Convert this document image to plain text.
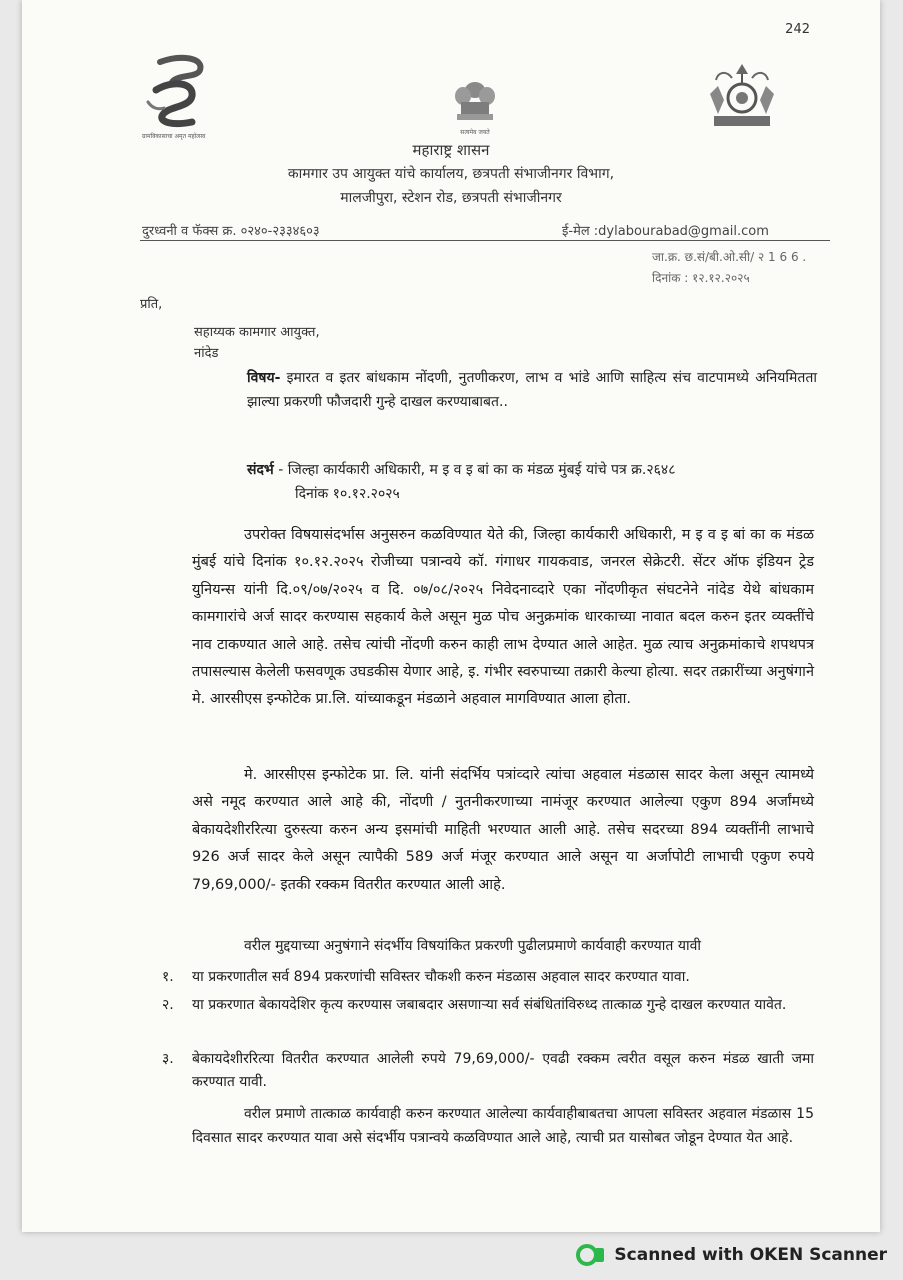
242
ग्रामविकासाचा अमृत महोत्सव
सत्यमेव जयते
महाराष्ट्र शासन
कामगार उप आयुक्त यांचे कार्यालय, छत्रपती संभाजीनगर विभाग,
मालजीपुरा, स्टेशन रोड, छत्रपती संभाजीनगर
दुरध्वनी व फॅक्स क्र. ०२४०-२३३४६०३	ई-मेल :dylabourabad@gmail.com
जा.क्र. छ.सं/बी.ओ.सी/ २ 1 6 6 .
दिनांक : १२.१२.२०२५
प्रति,
सहाय्यक कामगार आयुक्त,
नांदेड
विषय- इमारत व इतर बांधकाम नोंदणी, नुतणीकरण, लाभ व भांडे आणि साहित्य संच वाटपामध्ये अनियमितता झाल्या प्रकरणी फौजदारी गुन्हे दाखल करण्याबाबत..
संदर्भ - जिल्हा कार्यकारी अधिकारी, म इ व इ बां का क मंडळ मुंबई यांचे पत्र क्र.२६४८
दिनांक १०.१२.२०२५
उपरोक्त विषयासंदर्भास अनुसरुन कळविण्यात येते की, जिल्हा कार्यकारी अधिकारी, म इ व इ बां का क मंडळ मुंबई यांचे दिनांक १०.१२.२०२५ रोजीच्या पत्रान्वये कॉ. गंगाधर गायकवाड, जनरल सेक्रेटरी. सेंटर ऑफ इंडियन ट्रेड युनियन्स यांनी दि.०९/०७/२०२५ व दि. ०७/०८/२०२५ निवेदनाव्दारे एका नोंदणीकृत संघटनेने नांदेड येथे बांधकाम कामगारांचे अर्ज सादर करण्यास सहकार्य केले असून मुळ पोच अनुक्रमांक धारकाच्या नावात बदल करुन इतर व्यक्तींचे नाव टाकण्यात आले आहे. तसेच त्यांची नोंदणी करुन काही लाभ देण्यात आले आहेत. मुळ त्याच अनुक्रमांकाचे शपथपत्र तपासल्यास केलेली फसवणूक उघडकीस येणार आहे, इ. गंभीर स्वरुपाच्या तक्रारी केल्या होत्या. सदर तक्रारींच्या अनुषंगाने मे. आरसीएस इन्फोटेक प्रा.लि. यांच्याकडून मंडळाने अहवाल मागविण्यात आला होता.
मे. आरसीएस इन्फोटेक प्रा. लि. यांनी संदर्भिय पत्रांव्दारे त्यांचा अहवाल मंडळास सादर केला असून त्यामध्ये असे नमूद करण्यात आले आहे की, नोंदणी / नुतनीकरणाच्या नामंजूर करण्यात आलेल्या एकुण 894 अर्जांमध्ये बेकायदेशीररित्या दुरुस्त्या करुन अन्य इसमांची माहिती भरण्यात आली आहे. तसेच सदरच्या 894 व्यक्तींनी लाभाचे 926 अर्ज सादर केले असून त्यापैकी 589 अर्ज मंजूर करण्यात आले असून या अर्जापोटी लाभाची एकुण रुपये 79,69,000/- इतकी रक्कम वितरीत करण्यात आली आहे.
वरील मुद्दयाच्या अनुषंगाने संदर्भीय विषयांकित प्रकरणी पुढीलप्रमाणे कार्यवाही करण्यात यावी
१.	या प्रकरणातील सर्व 894 प्रकरणांची सविस्तर चौकशी करुन मंडळास अहवाल सादर करण्यात यावा.
२.	या प्रकरणात बेकायदेशिर कृत्य करण्यास जबाबदार असणाऱ्या सर्व संबंधितांविरुध्द तात्काळ गुन्हे दाखल करण्यात यावेत.
३.	बेकायदेशीररित्या वितरीत करण्यात आलेली रुपये 79,69,000/- एवढी रक्कम त्वरीत वसूल करुन मंडळ खाती जमा करण्यात यावी.
वरील प्रमाणे तात्काळ कार्यवाही करुन करण्यात आलेल्या कार्यवाहीबाबतचा आपला सविस्तर अहवाल मंडळास 15 दिवसात सादर करण्यात यावा असे संदर्भीय पत्रान्वये कळविण्यात आले आहे, त्याची प्रत यासोबत जोडून देण्यात येत आहे.
Scanned with OKEN Scanner
